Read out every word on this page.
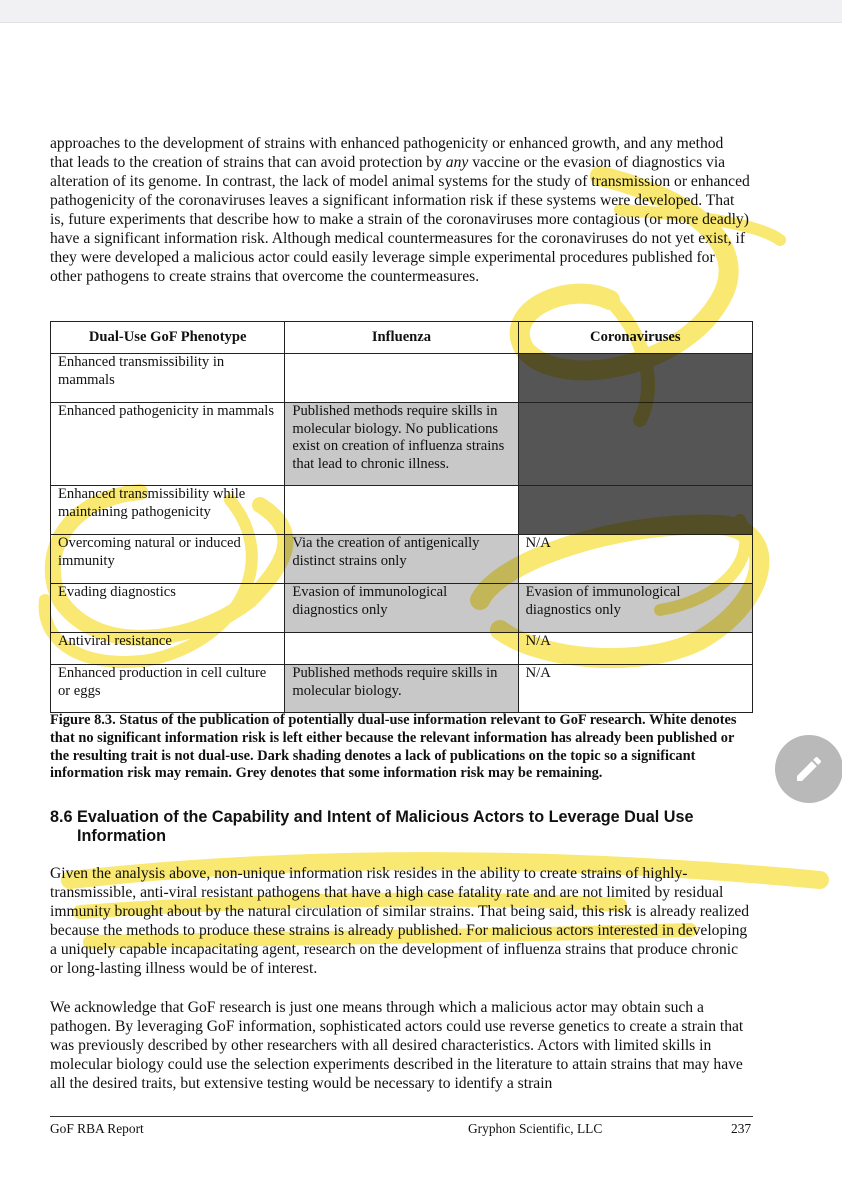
approaches to the development of strains with enhanced pathogenicity or enhanced growth, and any method that leads to the creation of strains that can avoid protection by any vaccine or the evasion of diagnostics via alteration of its genome. In contrast, the lack of model animal systems for the study of transmission or enhanced pathogenicity of the coronaviruses leaves a significant information risk if these systems were developed. That is, future experiments that describe how to make a strain of the coronaviruses more contagious (or more deadly) have a significant information risk. Although medical countermeasures for the coronaviruses do not yet exist, if they were developed a malicious actor could easily leverage simple experimental procedures published for other pathogens to create strains that overcome the countermeasures.

Dual-Use GoF Phenotype	Influenza	Coronaviruses
Enhanced transmissibility in mammals		
Enhanced pathogenicity in mammals	Published methods require skills in molecular biology. No publications exist on creation of influenza strains that lead to chronic illness.	
Enhanced transmissibility while maintaining pathogenicity		
Overcoming natural or induced immunity	Via the creation of antigenically distinct strains only	N/A
Evading diagnostics	Evasion of immunological diagnostics only	Evasion of immunological diagnostics only
Antiviral resistance		N/A
Enhanced production in cell culture or eggs	Published methods require skills in molecular biology.	N/A
Figure 8.3. Status of the publication of potentially dual-use information relevant to GoF research. White denotes that no significant information risk is left either because the relevant information has already been published or the resulting trait is not dual-use. Dark shading denotes a lack of publications on the topic so a significant information risk may remain. Grey denotes that some information risk may be remaining.
8.6 Evaluation of the Capability and Intent of Malicious Actors to Leverage Dual Use
Information

Given the analysis above, non-unique information risk resides in the ability to create strains of highly-transmissible, anti-viral resistant pathogens that have a high case fatality rate and are not limited by residual immunity brought about by the natural circulation of similar strains. That being said, this risk is already realized because the methods to produce these strains is already published. For malicious actors interested in developing a uniquely capable incapacitating agent, research on the development of influenza strains that produce chronic or long-lasting illness would be of interest.

We acknowledge that GoF research is just one means through which a malicious actor may obtain such a pathogen. By leveraging GoF information, sophisticated actors could use reverse genetics to create a strain that was previously described by other researchers with all desired characteristics. Actors with limited skills in molecular biology could use the selection experiments described in the literature to attain strains that may have all the desired traits, but extensive testing would be necessary to identify a strain

GoF RBA Report	Gryphon Scientific, LLC	237
